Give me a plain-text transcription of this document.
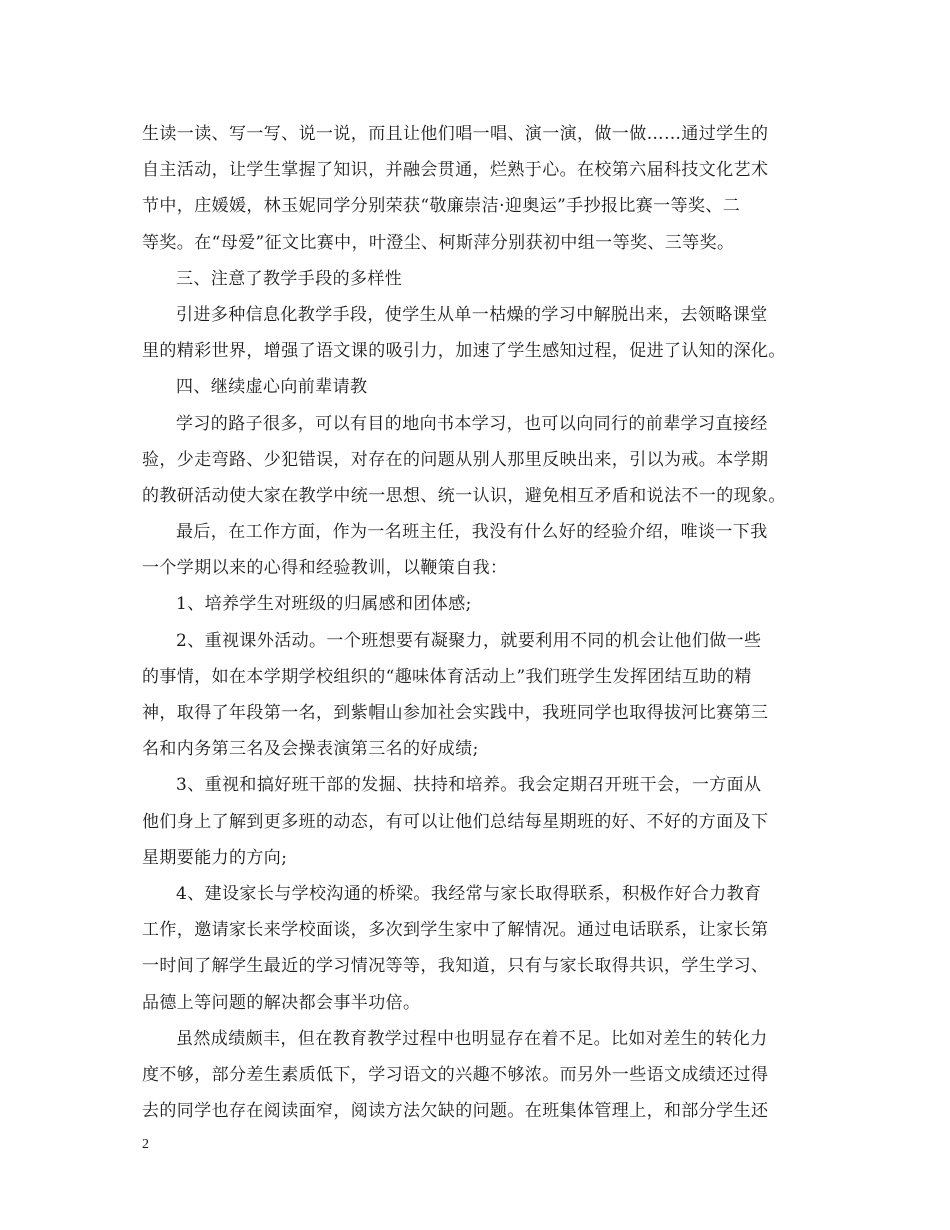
生读一读、写一写、说一说，而且让他们唱一唱、演一演，做一做……通过学生的
自主活动，让学生掌握了知识，并融会贯通，烂熟于心。在校第六届科技文化艺术
节中，庄媛媛，林玉妮同学分别荣获“敬廉崇洁·迎奥运”手抄报比赛一等奖、二
等奖。在“母爱”征文比赛中，叶澄尘、柯斯萍分别获初中组一等奖、三等奖。
三、注意了教学手段的多样性
引进多种信息化教学手段，使学生从单一枯燥的学习中解脱出来，去领略课堂
里的精彩世界，增强了语文课的吸引力，加速了学生感知过程，促进了认知的深化。
四、继续虚心向前辈请教
学习的路子很多，可以有目的地向书本学习，也可以向同行的前辈学习直接经
验，少走弯路、少犯错误，对存在的问题从别人那里反映出来，引以为戒。本学期
的教研活动使大家在教学中统一思想、统一认识，避免相互矛盾和说法不一的现象。
最后，在工作方面，作为一名班主任，我没有什么好的经验介绍，唯谈一下我
一个学期以来的心得和经验教训，以鞭策自我：
1、培养学生对班级的归属感和团体感;
2、重视课外活动。一个班想要有凝聚力，就要利用不同的机会让他们做一些
的事情，如在本学期学校组织的“趣味体育活动上”我们班学生发挥团结互助的精
神，取得了年段第一名，到紫帽山参加社会实践中，我班同学也取得拔河比赛第三
名和内务第三名及会操表演第三名的好成绩;
3、重视和搞好班干部的发掘、扶持和培养。我会定期召开班干会，一方面从
他们身上了解到更多班的动态，有可以让他们总结每星期班的好、不好的方面及下
星期要能力的方向;
4、建设家长与学校沟通的桥梁。我经常与家长取得联系，积极作好合力教育
工作，邀请家长来学校面谈，多次到学生家中了解情况。通过电话联系，让家长第
一时间了解学生最近的学习情况等等，我知道，只有与家长取得共识，学生学习、
品德上等问题的解决都会事半功倍。
虽然成绩颇丰，但在教育教学过程中也明显存在着不足。比如对差生的转化力
度不够，部分差生素质低下，学习语文的兴趣不够浓。而另外一些语文成绩还过得
去的同学也存在阅读面窄，阅读方法欠缺的问题。在班集体管理上，和部分学生还
2
